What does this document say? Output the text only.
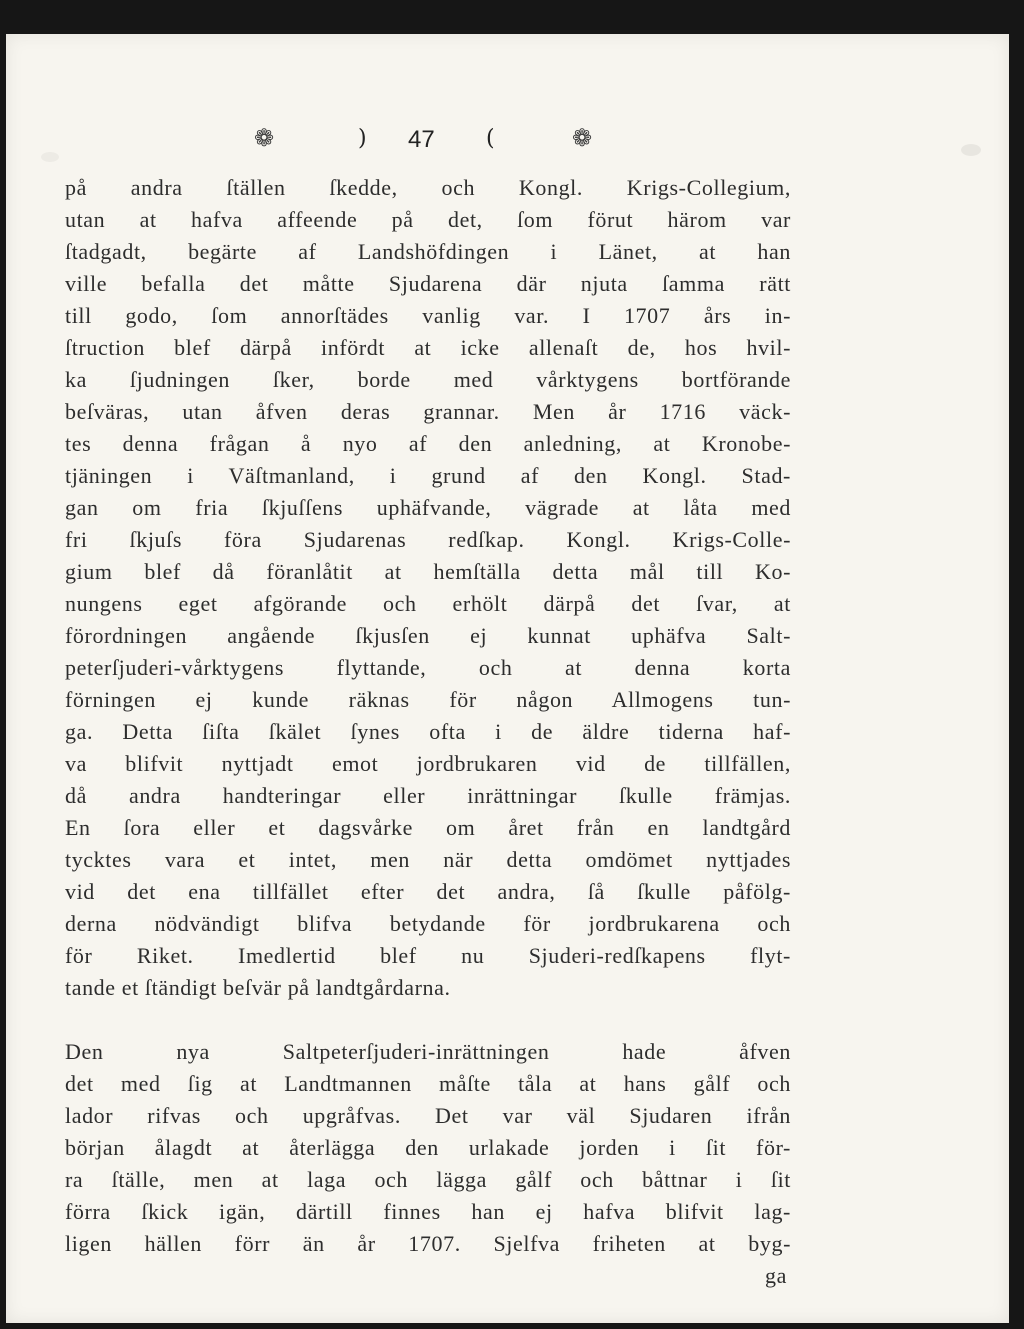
❁	) 47 (	❁
på andra ſtällen ſkedde, och Kongl. Krigs-Collegium,
utan at hafva affeende på det, ſom förut härom var
ſtadgadt, begärte af Landshöfdingen i Länet, at han
ville befalla det måtte Sjudarena där njuta ſamma rätt
till godo, ſom annorſtädes vanlig var. I 1707 års in-
ſtruction blef därpå infördt at icke allenaſt de, hos hvil-
ka ſjudningen ſker, borde med vårktygens bortförande
beſväras, utan åfven deras grannar. Men år 1716 väck-
tes denna frågan å nyo af den anledning, at Kronobe-
tjäningen i Väſtmanland, i grund af den Kongl. Stad-
gan om fria ſkjuſſens uphäfvande, vägrade at låta med
fri ſkjuſs föra Sjudarenas redſkap. Kongl. Krigs-Colle-
gium blef då föranlåtit at hemſtälla detta mål till Ko-
nungens eget afgörande och erhölt därpå det ſvar, at
förordningen angående ſkjusſen ej kunnat uphäfva Salt-
peterſjuderi-vårktygens flyttande, och at denna korta
förningen ej kunde räknas för någon Allmogens tun-
ga. Detta ſiſta ſkälet ſynes ofta i de äldre tiderna haf-
va blifvit nyttjadt emot jordbrukaren vid de tillfällen,
då andra handteringar eller inrättningar ſkulle främjas.
En ſora eller et dagsvårke om året från en landtgård
tycktes vara et intet, men när detta omdömet nyttjades
vid det ena tillfället efter det andra, ſå ſkulle påfölg-
derna nödvändigt blifva betydande för jordbrukarena och
för Riket. Imedlertid blef nu Sjuderi-redſkapens flyt-
tande et ſtändigt beſvär på landtgårdarna.
Den nya Saltpeterſjuderi-inrättningen hade åfven
det med ſig at Landtmannen måſte tåla at hans gålf och
lador rifvas och upgråfvas. Det var väl Sjudaren ifrån
början ålagdt at återlägga den urlakade jorden i ſit för-
ra ſtälle, men at laga och lägga gålf och båttnar i ſit
förra ſkick igän, därtill finnes han ej hafva blifvit lag-
ligen hällen förr än år 1707. Sjelfva friheten at byg-
ga
